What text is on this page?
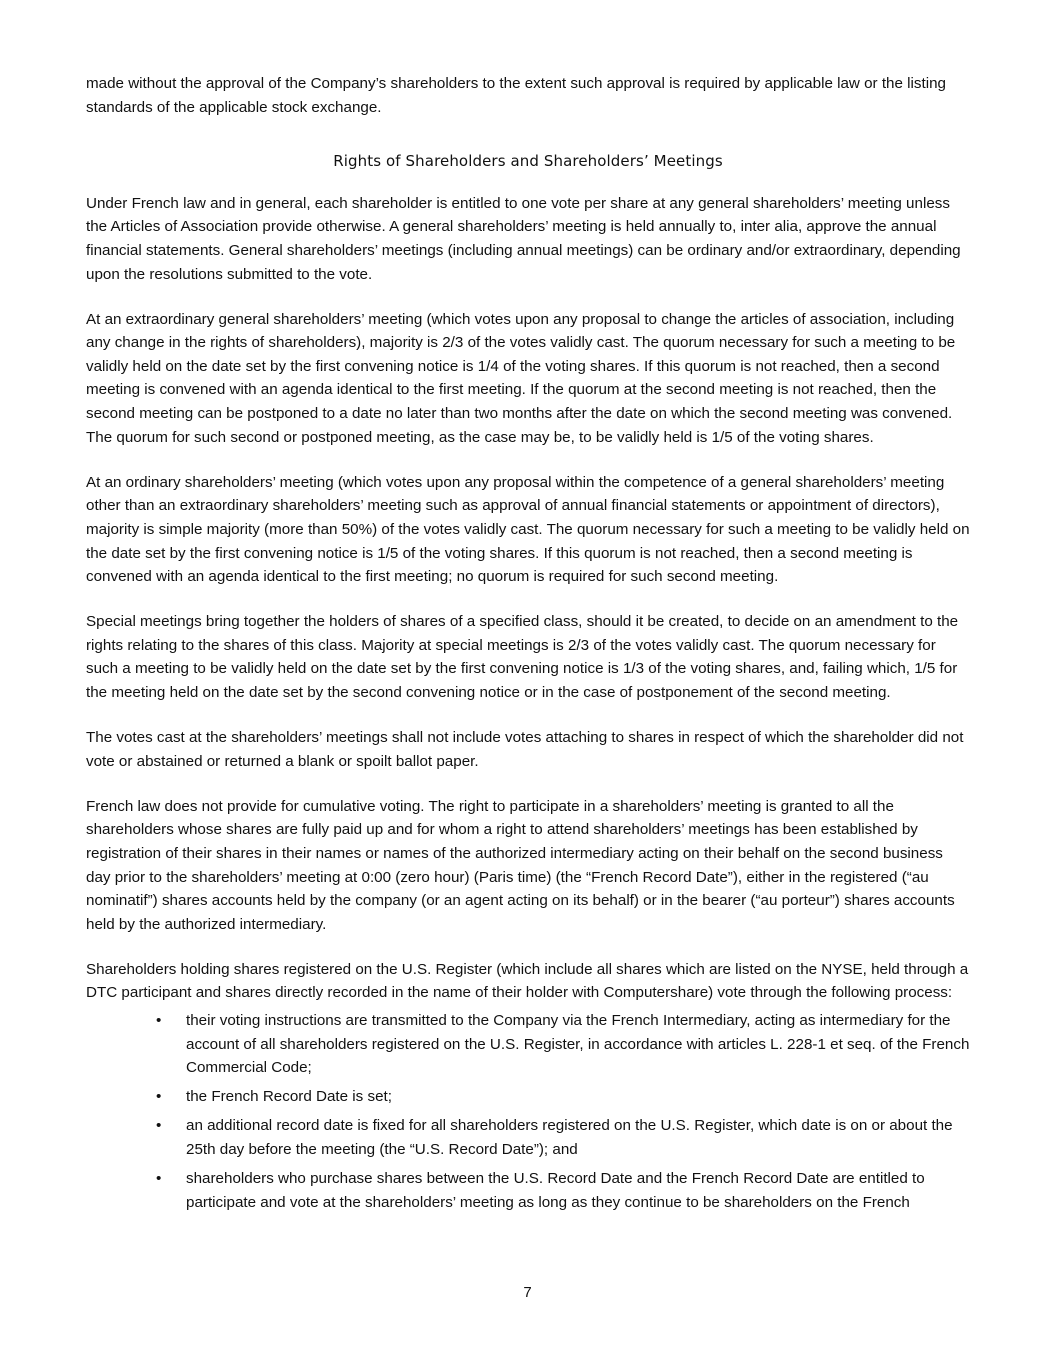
made without the approval of the Company’s shareholders to the extent such approval is required by applicable law or the listing standards of the applicable stock exchange.

Rights of Shareholders and Shareholders’ Meetings

Under French law and in general, each shareholder is entitled to one vote per share at any general shareholders’ meeting unless the Articles of Association provide otherwise. A general shareholders’ meeting is held annually to, inter alia, approve the annual financial statements. General shareholders’ meetings (including annual meetings) can be ordinary and/or extraordinary, depending upon the resolutions submitted to the vote.

At an extraordinary general shareholders’ meeting (which votes upon any proposal to change the articles of association, including any change in the rights of shareholders), majority is 2/3 of the votes validly cast. The quorum necessary for such a meeting to be validly held on the date set by the first convening notice is 1/4 of the voting shares. If this quorum is not reached, then a second meeting is convened with an agenda identical to the first meeting. If the quorum at the second meeting is not reached, then the second meeting can be postponed to a date no later than two months after the date on which the second meeting was convened. The quorum for such second or postponed meeting, as the case may be, to be validly held is 1/5 of the voting shares.

At an ordinary shareholders’ meeting (which votes upon any proposal within the competence of a general shareholders’ meeting other than an extraordinary shareholders’ meeting such as approval of annual financial statements or appointment of directors), majority is simple majority (more than 50%) of the votes validly cast. The quorum necessary for such a meeting to be validly held on the date set by the first convening notice is 1/5 of the voting shares. If this quorum is not reached, then a second meeting is convened with an agenda identical to the first meeting; no quorum is required for such second meeting.

Special meetings bring together the holders of shares of a specified class, should it be created, to decide on an amendment to the rights relating to the shares of this class. Majority at special meetings is 2/3 of the votes validly cast. The quorum necessary for such a meeting to be validly held on the date set by the first convening notice is 1/3 of the voting shares, and, failing which, 1/5 for the meeting held on the date set by the second convening notice or in the case of postponement of the second meeting.

The votes cast at the shareholders’ meetings shall not include votes attaching to shares in respect of which the shareholder did not vote or abstained or returned a blank or spoilt ballot paper.

French law does not provide for cumulative voting. The right to participate in a shareholders’ meeting is granted to all the shareholders whose shares are fully paid up and for whom a right to attend shareholders’ meetings has been established by registration of their shares in their names or names of the authorized intermediary acting on their behalf on the second business day prior to the shareholders’ meeting at 0:00 (zero hour) (Paris time) (the “French Record Date”), either in the registered (“au nominatif”) shares accounts held by the company (or an agent acting on its behalf) or in the bearer (“au porteur”) shares accounts held by the authorized intermediary.

Shareholders holding shares registered on the U.S. Register (which include all shares which are listed on the NYSE, held through a DTC participant and shares directly recorded in the name of their holder with Computershare) vote through the following process:

• their voting instructions are transmitted to the Company via the French Intermediary, acting as intermediary for the account of all shareholders registered on the U.S. Register, in accordance with articles L. 228-1 et seq. of the French Commercial Code;
• the French Record Date is set;
• an additional record date is fixed for all shareholders registered on the U.S. Register, which date is on or about the 25th day before the meeting (the “U.S. Record Date”); and
• shareholders who purchase shares between the U.S. Record Date and the French Record Date are entitled to participate and vote at the shareholders’ meeting as long as they continue to be shareholders on the French
7
